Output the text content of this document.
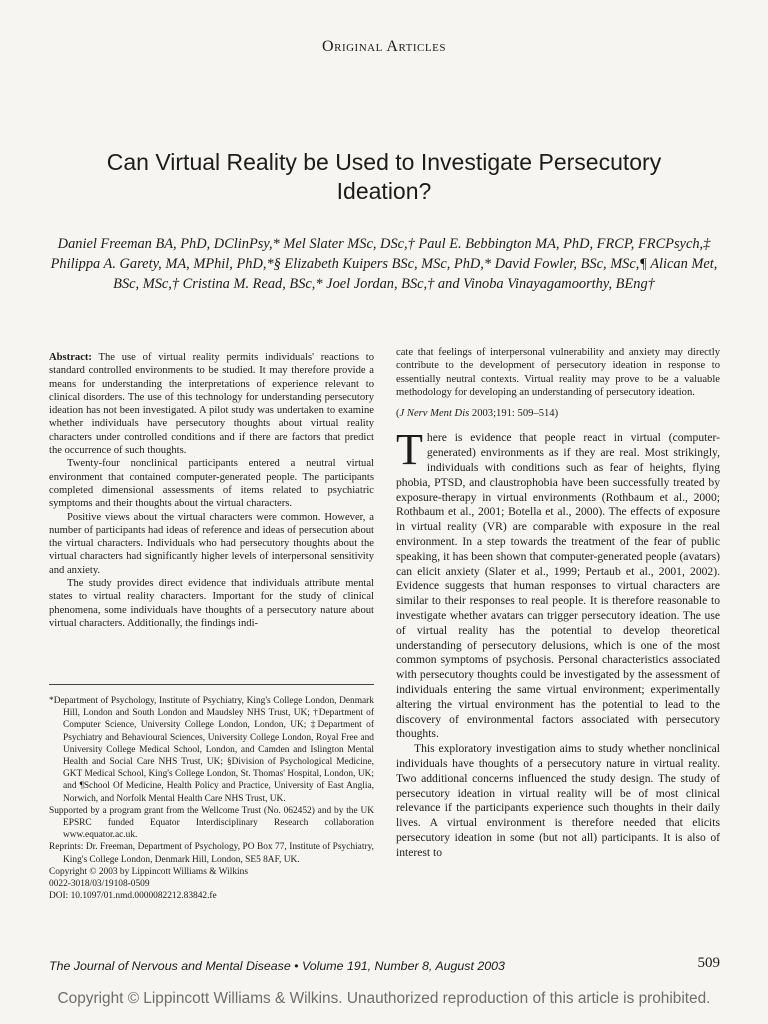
Original Articles
Can Virtual Reality be Used to Investigate Persecutory Ideation?
Daniel Freeman BA, PhD, DClinPsy,* Mel Slater MSc, DSc,† Paul E. Bebbington MA, PhD, FRCP, FRCPsych,‡ Philippa A. Garety, MA, MPhil, PhD,*§ Elizabeth Kuipers BSc, MSc, PhD,* David Fowler, BSc, MSc,¶ Alican Met, BSc, MSc,† Cristina M. Read, BSc,* Joel Jordan, BSc,† and Vinoba Vinayagamoorthy, BEng†

Abstract: The use of virtual reality permits individuals' reactions to standard controlled environments to be studied. It may therefore provide a means for understanding the interpretations of experience relevant to clinical disorders. The use of this technology for understanding persecutory ideation has not been investigated. A pilot study was undertaken to examine whether individuals have persecutory thoughts about virtual reality characters under controlled conditions and if there are factors that predict the occurrence of such thoughts.

Twenty-four nonclinical participants entered a neutral virtual environment that contained computer-generated people. The participants completed dimensional assessments of items related to psychiatric symptoms and their thoughts about the virtual characters.

Positive views about the virtual characters were common. However, a number of participants had ideas of reference and ideas of persecution about the virtual characters. Individuals who had persecutory thoughts about the virtual characters had significantly higher levels of interpersonal sensitivity and anxiety.

The study provides direct evidence that individuals attribute mental states to virtual reality characters. Important for the study of clinical phenomena, some individuals have thoughts of a persecutory nature about virtual characters. Additionally, the findings indi-

*Department of Psychology, Institute of Psychiatry, King's College London, Denmark Hill, London and South London and Maudsley NHS Trust, UK; †Department of Computer Science, University College London, London, UK; ‡Department of Psychiatry and Behavioural Sciences, University College London, Royal Free and University College Medical School, London, and Camden and Islington Mental Health and Social Care NHS Trust, UK; §Division of Psychological Medicine, GKT Medical School, King's College London, St. Thomas' Hospital, London, UK; and ¶School Of Medicine, Health Policy and Practice, University of East Anglia, Norwich, and Norfolk Mental Health Care NHS Trust, UK.

Supported by a program grant from the Wellcome Trust (No. 062452) and by the UK EPSRC funded Equator Interdisciplinary Research collaboration www.equator.ac.uk.

Reprints: Dr. Freeman, Department of Psychology, PO Box 77, Institute of Psychiatry, King's College London, Denmark Hill, London, SE5 8AF, UK.

Copyright © 2003 by Lippincott Williams & Wilkins

0022-3018/03/19108-0509

DOI: 10.1097/01.nmd.0000082212.83842.fe

cate that feelings of interpersonal vulnerability and anxiety may directly contribute to the development of persecutory ideation in response to essentially neutral contexts. Virtual reality may prove to be a valuable methodology for developing an understanding of persecutory ideation.

(J Nerv Ment Dis 2003;191: 509–514)

There is evidence that people react in virtual (computer-generated) environments as if they are real. Most strikingly, individuals with conditions such as fear of heights, flying phobia, PTSD, and claustrophobia have been successfully treated by exposure-therapy in virtual environments (Rothbaum et al., 2000; Rothbaum et al., 2001; Botella et al., 2000). The effects of exposure in virtual reality (VR) are comparable with exposure in the real environment. In a step towards the treatment of the fear of public speaking, it has been shown that computer-generated people (avatars) can elicit anxiety (Slater et al., 1999; Pertaub et al., 2001, 2002). Evidence suggests that human responses to virtual characters are similar to their responses to real people. It is therefore reasonable to investigate whether avatars can trigger persecutory ideation. The use of virtual reality has the potential to develop theoretical understanding of persecutory delusions, which is one of the most common symptoms of psychosis. Personal characteristics associated with persecutory thoughts could be investigated by the assessment of individuals entering the same virtual environment; experimentally altering the virtual environment has the potential to lead to the discovery of environmental factors associated with persecutory thoughts.

This exploratory investigation aims to study whether nonclinical individuals have thoughts of a persecutory nature in virtual reality. Two additional concerns influenced the study design. The study of persecutory ideation in virtual reality will be of most clinical relevance if the participants experience such thoughts in their daily lives. A virtual environment is therefore needed that elicits persecutory ideation in some (but not all) participants. It is also of interest to

The Journal of Nervous and Mental Disease • Volume 191, Number 8, August 2003	509
Copyright © Lippincott Williams & Wilkins. Unauthorized reproduction of this article is prohibited.
